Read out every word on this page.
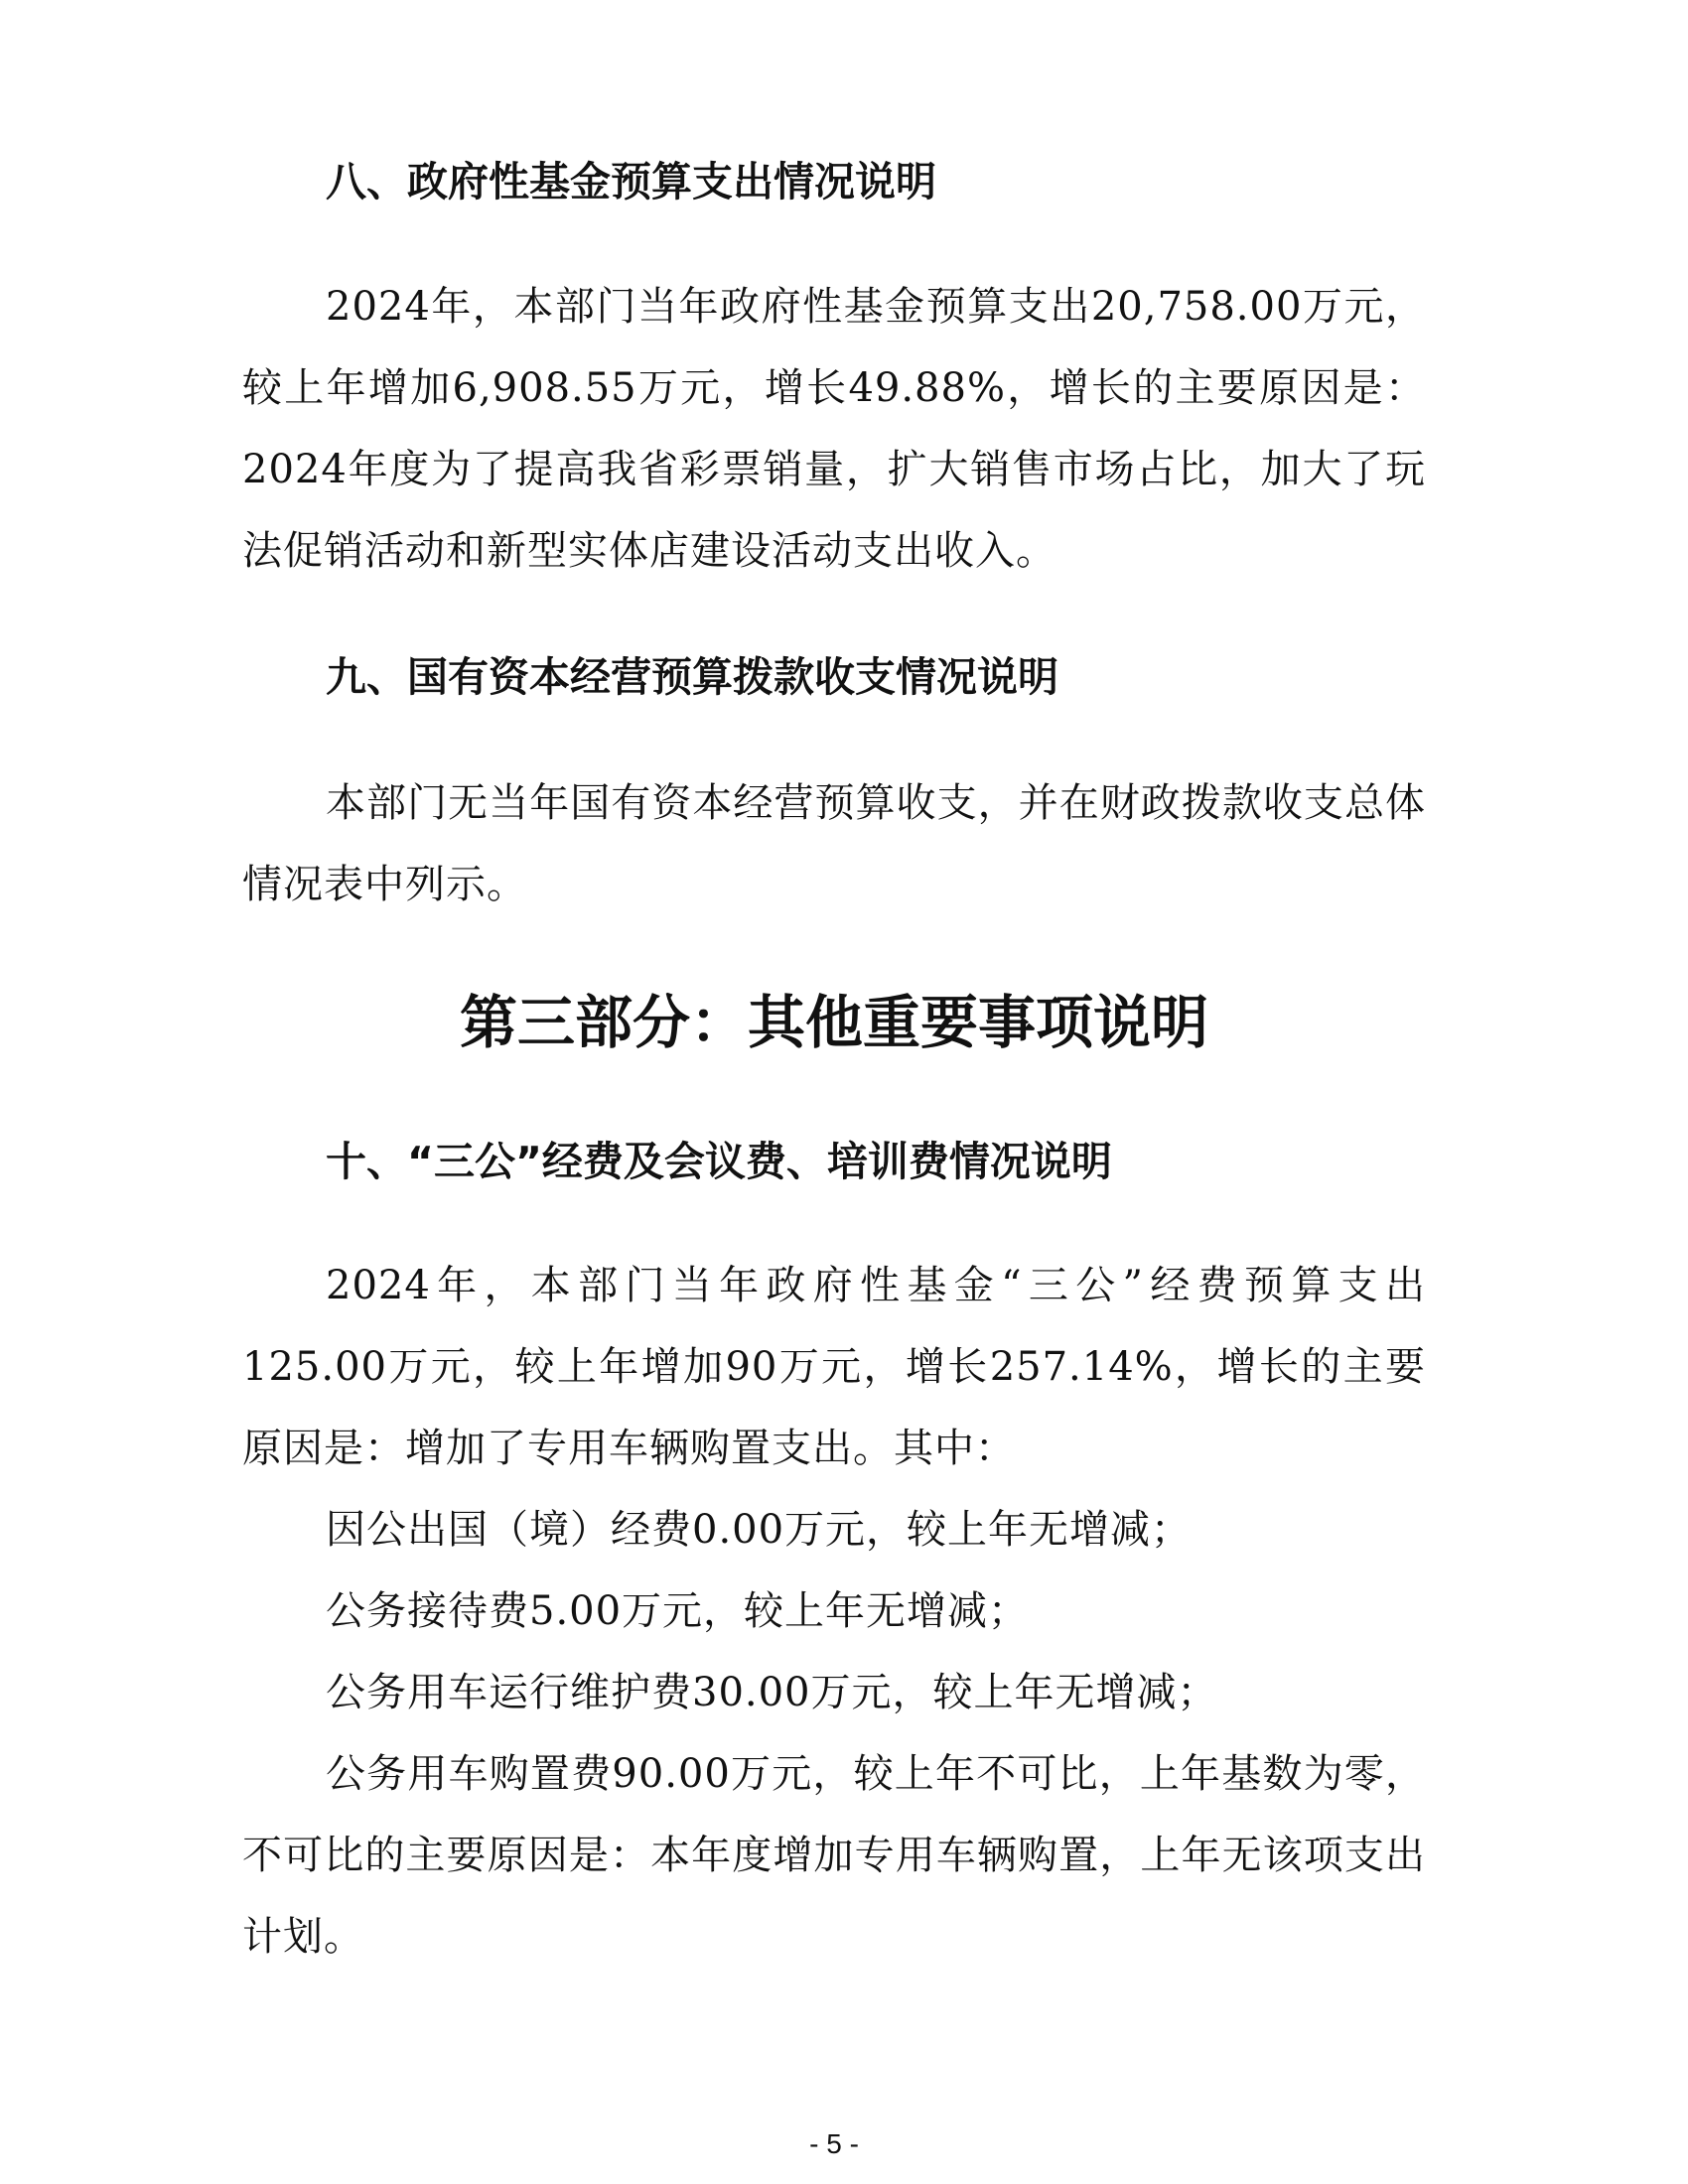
八、政府性基金预算支出情况说明
2024年，本部门当年政府性基金预算支出20,758.00万元，较上年增加6,908.55万元，增长49.88%，增长的主要原因是：2024年度为了提高我省彩票销量，扩大销售市场占比，加大了玩法促销活动和新型实体店建设活动支出收入。
九、国有资本经营预算拨款收支情况说明
本部门无当年国有资本经营预算收支，并在财政拨款收支总体情况表中列示。
第三部分：其他重要事项说明
十、“三公”经费及会议费、培训费情况说明
2024年，本部门当年政府性基金“三公”经费预算支出125.00万元，较上年增加90万元，增长257.14%，增长的主要原因是：增加了专用车辆购置支出。其中：
因公出国（境）经费0.00万元，较上年无增减；
公务接待费5.00万元，较上年无增减；
公务用车运行维护费30.00万元，较上年无增减；
公务用车购置费90.00万元，较上年不可比，上年基数为零，不可比的主要原因是：本年度增加专用车辆购置，上年无该项支出计划。
- 5 -
